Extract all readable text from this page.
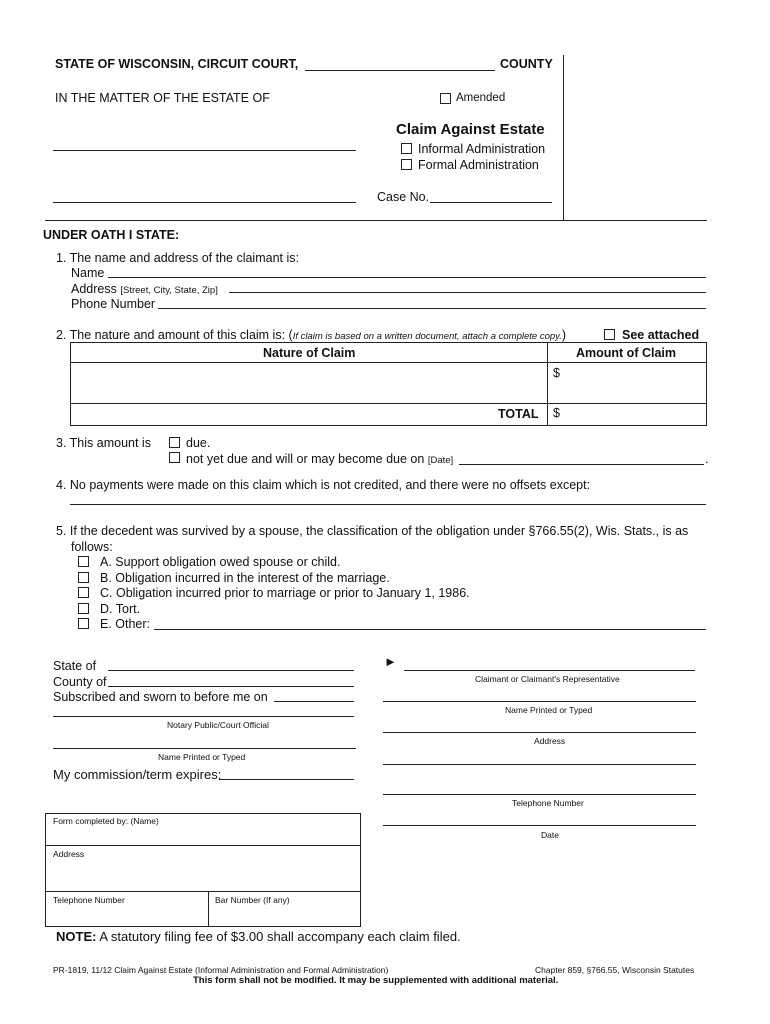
STATE OF WISCONSIN, CIRCUIT COURT,	COUNTY
IN THE MATTER OF THE ESTATE OF	Amended
Claim Against Estate
Informal Administration
Formal Administration
Case No.
UNDER OATH I STATE:
1. The name and address of the claimant is:
Name
Address [Street, City, State, Zip]
Phone Number
2. The nature and amount of this claim is: (If claim is based on a written document, attach a complete copy.)	See attached
Nature of Claim	Amount of Claim
$
TOTAL $
3. This amount is	due.
not yet due and will or may become due on [Date]	.
4. No payments were made on this claim which is not credited, and there were no offsets except:
5. If the decedent was survived by a spouse, the classification of the obligation under §766.55(2), Wis. Stats., is as
follows:
A. Support obligation owed spouse or child.
B. Obligation incurred in the interest of the marriage.
C. Obligation incurred prior to marriage or prior to January 1, 1986.
D. Tort.
E. Other:
State of
County of
Subscribed and sworn to before me on
Notary Public/Court Official
Name Printed or Typed
My commission/term expires:
►
Claimant or Claimant's Representative
Name Printed or Typed
Address
Telephone Number
Date
Form completed by: (Name)
Address
Telephone Number	Bar Number (If any)
NOTE: A statutory filing fee of $3.00 shall accompany each claim filed.
PR-1819, 11/12 Claim Against Estate (Informal Administration and Formal Administration)	Chapter 859, §766.55, Wisconsin Statutes
This form shall not be modified. It may be supplemented with additional material.
